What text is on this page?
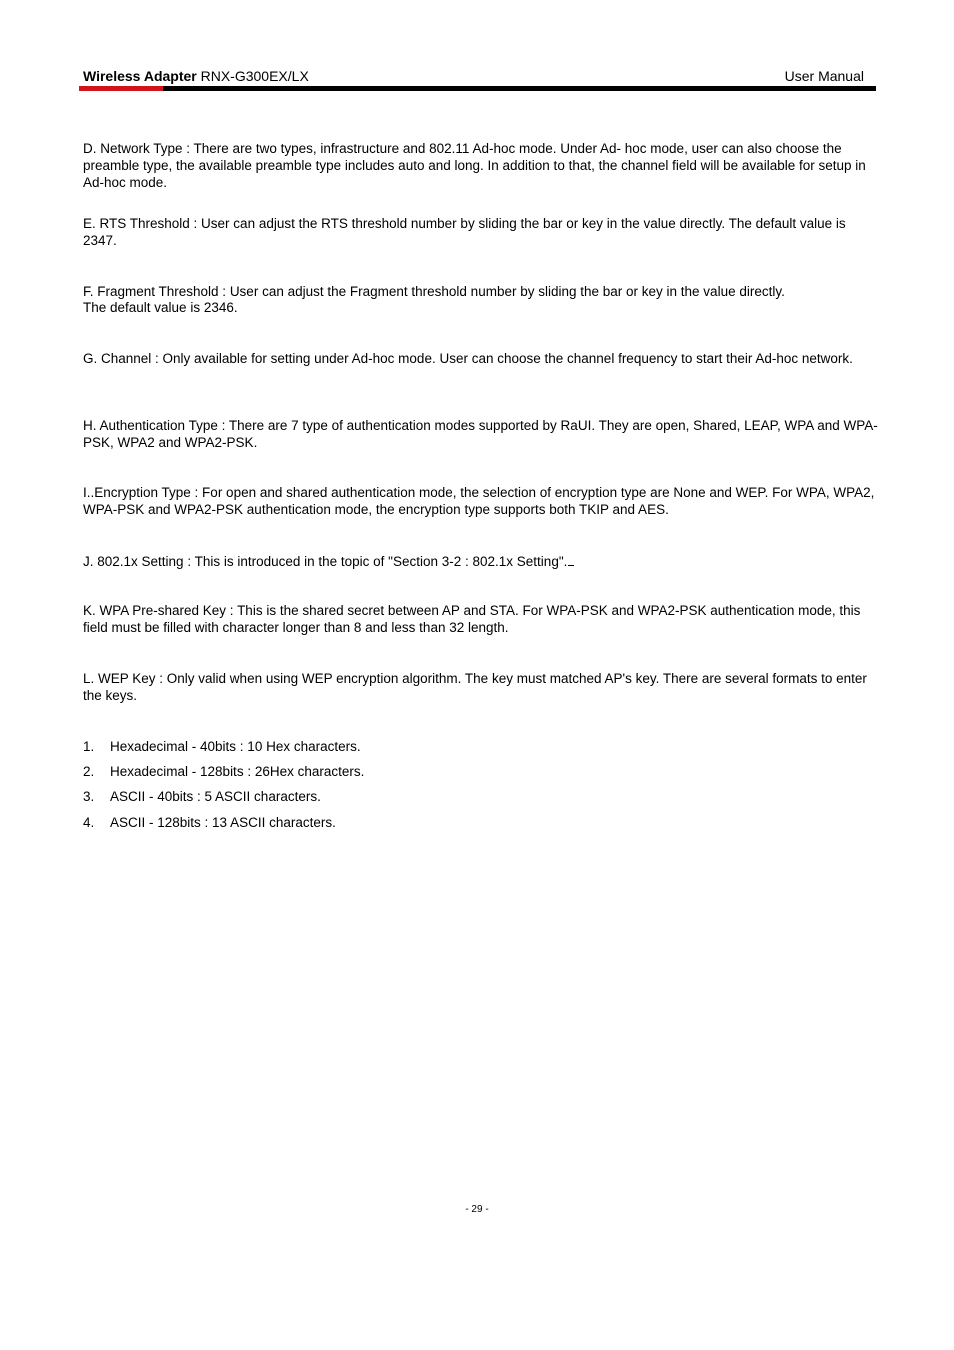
Wireless Adapter RNX-G300EX/LX	User Manual
D. Network Type : There are two types, infrastructure and 802.11 Ad-hoc mode. Under Ad- hoc mode, user can also choose the preamble type, the available preamble type includes auto and long. In addition to that, the channel field will be available for setup in Ad-hoc mode.
E. RTS Threshold : User can adjust the RTS threshold number by sliding the bar or key in the value directly. The default value is 2347.
F. Fragment Threshold : User can adjust the Fragment threshold number by sliding the bar or key in the value directly.
The default value is 2346.
G. Channel : Only available for setting under Ad-hoc mode. User can choose the channel frequency to start their Ad-hoc network.
H. Authentication Type : There are 7 type of authentication modes supported by RaUI. They are open, Shared, LEAP, WPA and WPA-PSK, WPA2 and WPA2-PSK.
I..Encryption Type : For open and shared authentication mode, the selection of encryption type are None and WEP. For WPA, WPA2, WPA-PSK and WPA2-PSK authentication mode, the encryption type supports both TKIP and AES.
J. 802.1x Setting : This is introduced in the topic of "Section 3-2 : 802.1x Setting".
K. WPA Pre-shared Key : This is the shared secret between AP and STA. For WPA-PSK and WPA2-PSK authentication mode, this field must be filled with character longer than 8 and less than 32 length.
L. WEP Key : Only valid when using WEP encryption algorithm. The key must matched AP's key. There are several formats to enter the keys.
1. Hexadecimal - 40bits : 10 Hex characters.
2. Hexadecimal - 128bits : 26Hex characters.
3. ASCII - 40bits : 5 ASCII characters.
4. ASCII - 128bits : 13 ASCII characters.
- 29 -
